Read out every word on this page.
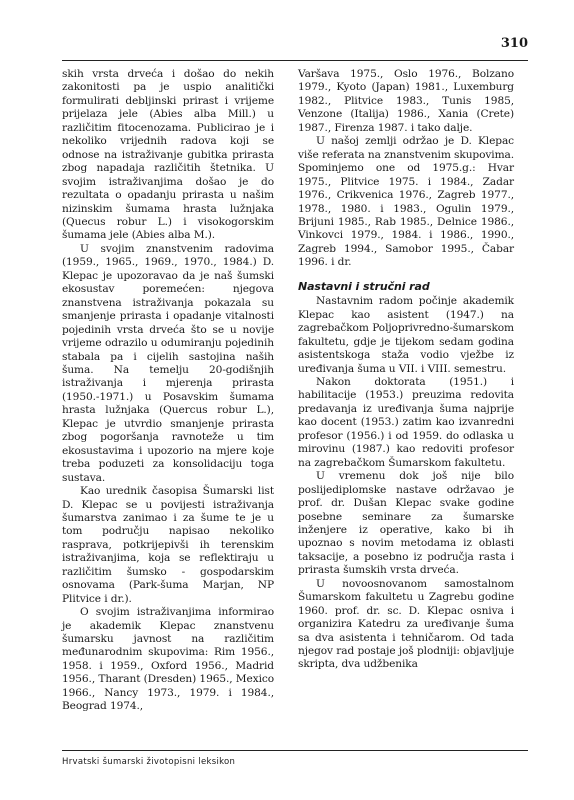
310

skih vrsta drveća i došao do nekih zakonitosti pa je uspio analitički formulirati debljinski prirast i vrijeme prijelaza jele (Abies alba Mill.) u različitim fitocenozama. Publicirao je i nekoliko vrijednih radova koji se odnose na istraživanje gubitka prirasta zbog napadaja različitih štetnika. U svojim istraživanjima došao je do rezultata o opadanju prirasta u našim nizinskim šumama hrasta lužnjaka (Quecus robur L.) i visokogorskim šumama jele (Abies alba M.).

U svojim znanstvenim radovima (1959., 1965., 1969., 1970., 1984.) D. Klepac je upozoravao da je naš šumski ekosustav poremećen: njegova znanstvena istraživanja pokazala su smanjenje prirasta i opadanje vitalnosti pojedinih vrsta drveća što se u novije vrijeme odrazilo u odumiranju pojedinih stabala pa i cijelih sastojina naših šuma. Na temelju 20-godišnjih istraživanja i mjerenja prirasta (1950.-1971.) u Posavskim šumama hrasta lužnjaka (Quercus robur L.), Klepac je utvrdio smanjenje prirasta zbog pogoršanja ravnoteže u tim ekosustavima i upozorio na mjere koje treba poduzeti za konsolidaciju toga sustava.

Kao urednik časopisa Šumarski list D. Klepac se u povijesti istraživanja šumarstva zanimao i za šume te je u tom području napisao nekoliko rasprava, potkrijepivši ih terenskim istraživanjima, koja se reflektiraju u različitim šumsko - gospodarskim osnovama (Park-šuma Marjan, NP Plitvice i dr.).

O svojim istraživanjima informirao je akademik Klepac znanstvenu šumarsku javnost na različitim međunarodnim skupovima: Rim 1956., 1958. i 1959., Oxford 1956., Madrid 1956., Tharant (Dresden) 1965., Mexico 1966., Nancy 1973., 1979. i 1984., Beograd 1974.,

Varšava 1975., Oslo 1976., Bolzano 1979., Kyoto (Japan) 1981., Luxemburg 1982., Plitvice 1983., Tunis 1985, Venzone (Italija) 1986., Xania (Crete) 1987., Firenza 1987. i tako dalje.

U našoj zemlji održao je D. Klepac više referata na znanstvenim skupovima. Spominjemo one od 1975.g.: Hvar 1975., Plitvice 1975. i 1984., Zadar 1976., Crikvenica 1976., Zagreb 1977., 1978., 1980. i 1983., Ogulin 1979., Brijuni 1985., Rab 1985., Delnice 1986., Vinkovci 1979., 1984. i 1986., 1990., Zagreb 1994., Samobor 1995., Čabar 1996. i dr.

Nastavni i stručni rad

Nastavnim radom počinje akademik Klepac kao asistent (1947.) na zagrebačkom Poljoprivredno-šumarskom fakultetu, gdje je tijekom sedam godina asistentskoga staža vodio vježbe iz uređivanja šuma u VII. i VIII. semestru.

Nakon doktorata (1951.) i habilitacije (1953.) preuzima redovita predavanja iz uređivanja šuma najprije kao docent (1953.) zatim kao izvanredni profesor (1956.) i od 1959. do odlaska u mirovinu (1987.) kao redoviti profesor na zagrebačkom Šumarskom fakultetu.

U vremenu dok još nije bilo poslijediplomske nastave održavao je prof. dr. Dušan Klepac svake godine posebne seminare za šumarske inženjere iz operative, kako bi ih upoznao s novim metodama iz oblasti taksacije, a posebno iz područja rasta i prirasta šumskih vrsta drveća.

U novoosnovanom samostalnom Šumarskom fakultetu u Zagrebu godine 1960. prof. dr. sc. D. Klepac osniva i organizira Katedru za uređivanje šuma sa dva asistenta i tehničarom. Od tada njegov rad postaje još plodniji: objavljuje skripta, dva udžbenika

Hrvatski šumarski životopisni leksikon
